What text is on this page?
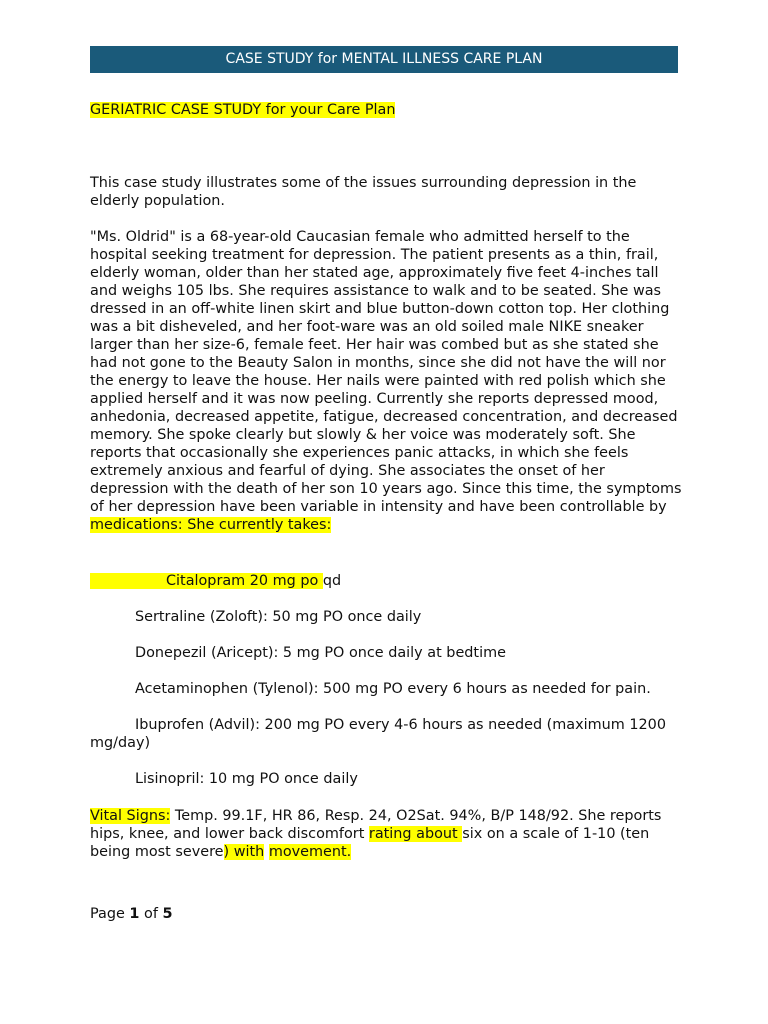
CASE STUDY for MENTAL ILLNESS CARE PLAN
GERIATRIC CASE STUDY for your Care Plan
This case study illustrates some of the issues surrounding depression in the elderly population.
"Ms. Oldrid" is a 68-year-old Caucasian female who admitted herself to the hospital seeking treatment for depression. The patient presents as a thin, frail, elderly woman, older than her stated age, approximately five feet 4-inches tall and weighs 105 lbs. She requires assistance to walk and to be seated. She was dressed in an off-white linen skirt and blue button-down cotton top. Her clothing was a bit disheveled, and her foot-ware was an old soiled male NIKE sneaker larger than her size-6, female feet. Her hair was combed but as she stated she had not gone to the Beauty Salon in months, since she did not have the will nor the energy to leave the house. Her nails were painted with red polish which she applied herself and it was now peeling. Currently she reports depressed mood, anhedonia, decreased appetite, fatigue, decreased concentration, and decreased memory. She spoke clearly but slowly & her voice was moderately soft. She reports that occasionally she experiences panic attacks, in which she feels extremely anxious and fearful of dying. She associates the onset of her depression with the death of her son 10 years ago. Since this time, the symptoms of her depression have been variable in intensity and have been controllable by medications: She currently takes:
Citalopram 20 mg po qd
Sertraline (Zoloft): 50 mg PO once daily
Donepezil (Aricept): 5 mg PO once daily at bedtime
Acetaminophen (Tylenol): 500 mg PO every 6 hours as needed for pain.
Ibuprofen (Advil): 200 mg PO every 4-6 hours as needed (maximum 1200 mg/day)
Lisinopril: 10 mg PO once daily
Vital Signs: Temp. 99.1F, HR 86, Resp. 24, O2Sat. 94%, B/P 148/92. She reports hips, knee, and lower back discomfort rating about six on a scale of 1-10 (ten being most severe) with movement.
Page 1 of 5
